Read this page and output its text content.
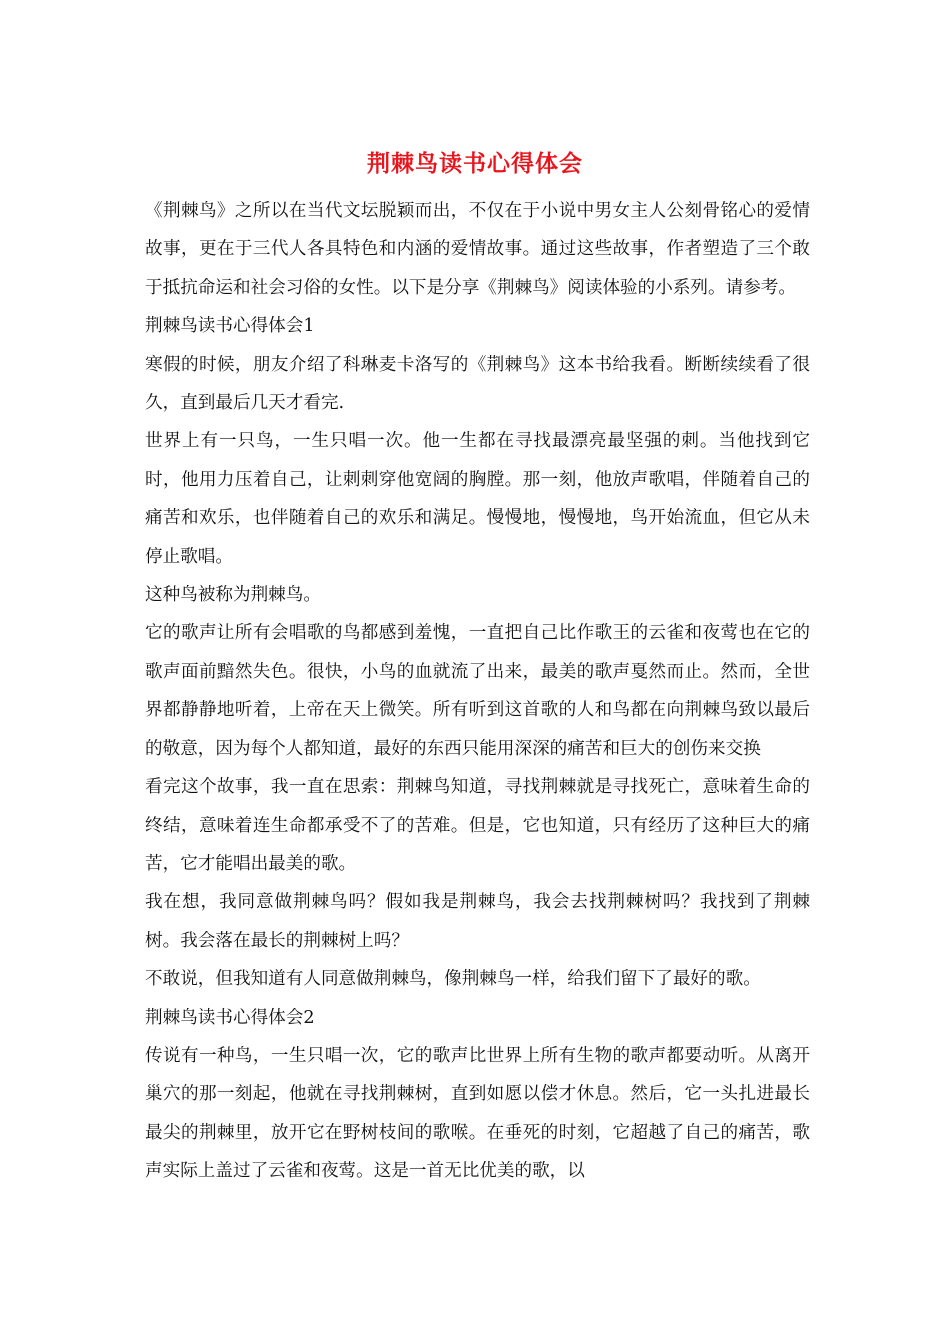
荆棘鸟读书心得体会

《荆棘鸟》之所以在当代文坛脱颖而出，不仅在于小说中男女主人公刻骨铭心的爱情故事，更在于三代人各具特色和内涵的爱情故事。通过这些故事，作者塑造了三个敢于抵抗命运和社会习俗的女性。以下是分享《荆棘鸟》阅读体验的小系列。请参考。

荆棘鸟读书心得体会1

寒假的时候，朋友介绍了科琳麦卡洛写的《荆棘鸟》这本书给我看。断断续续看了很久，直到最后几天才看完.

世界上有一只鸟，一生只唱一次。他一生都在寻找最漂亮最坚强的刺。当他找到它时，他用力压着自己，让刺刺穿他宽阔的胸膛。那一刻，他放声歌唱，伴随着自己的痛苦和欢乐，也伴随着自己的欢乐和满足。慢慢地，慢慢地，鸟开始流血，但它从未停止歌唱。

这种鸟被称为荆棘鸟。

它的歌声让所有会唱歌的鸟都感到羞愧，一直把自己比作歌王的云雀和夜莺也在它的歌声面前黯然失色。很快，小鸟的血就流了出来，最美的歌声戛然而止。然而，全世界都静静地听着，上帝在天上微笑。所有听到这首歌的人和鸟都在向荆棘鸟致以最后的敬意，因为每个人都知道，最好的东西只能用深深的痛苦和巨大的创伤来交换

看完这个故事，我一直在思索：荆棘鸟知道，寻找荆棘就是寻找死亡，意味着生命的终结，意味着连生命都承受不了的苦难。但是，它也知道，只有经历了这种巨大的痛苦，它才能唱出最美的歌。

我在想，我同意做荆棘鸟吗？假如我是荆棘鸟，我会去找荆棘树吗？我找到了荆棘树。我会落在最长的荆棘树上吗？

不敢说，但我知道有人同意做荆棘鸟，像荆棘鸟一样，给我们留下了最好的歌。

荆棘鸟读书心得体会2

传说有一种鸟，一生只唱一次，它的歌声比世界上所有生物的歌声都要动听。从离开巢穴的那一刻起，他就在寻找荆棘树，直到如愿以偿才休息。然后，它一头扎进最长最尖的荆棘里，放开它在野树枝间的歌喉。在垂死的时刻，它超越了自己的痛苦，歌声实际上盖过了云雀和夜莺。这是一首无比优美的歌，以
